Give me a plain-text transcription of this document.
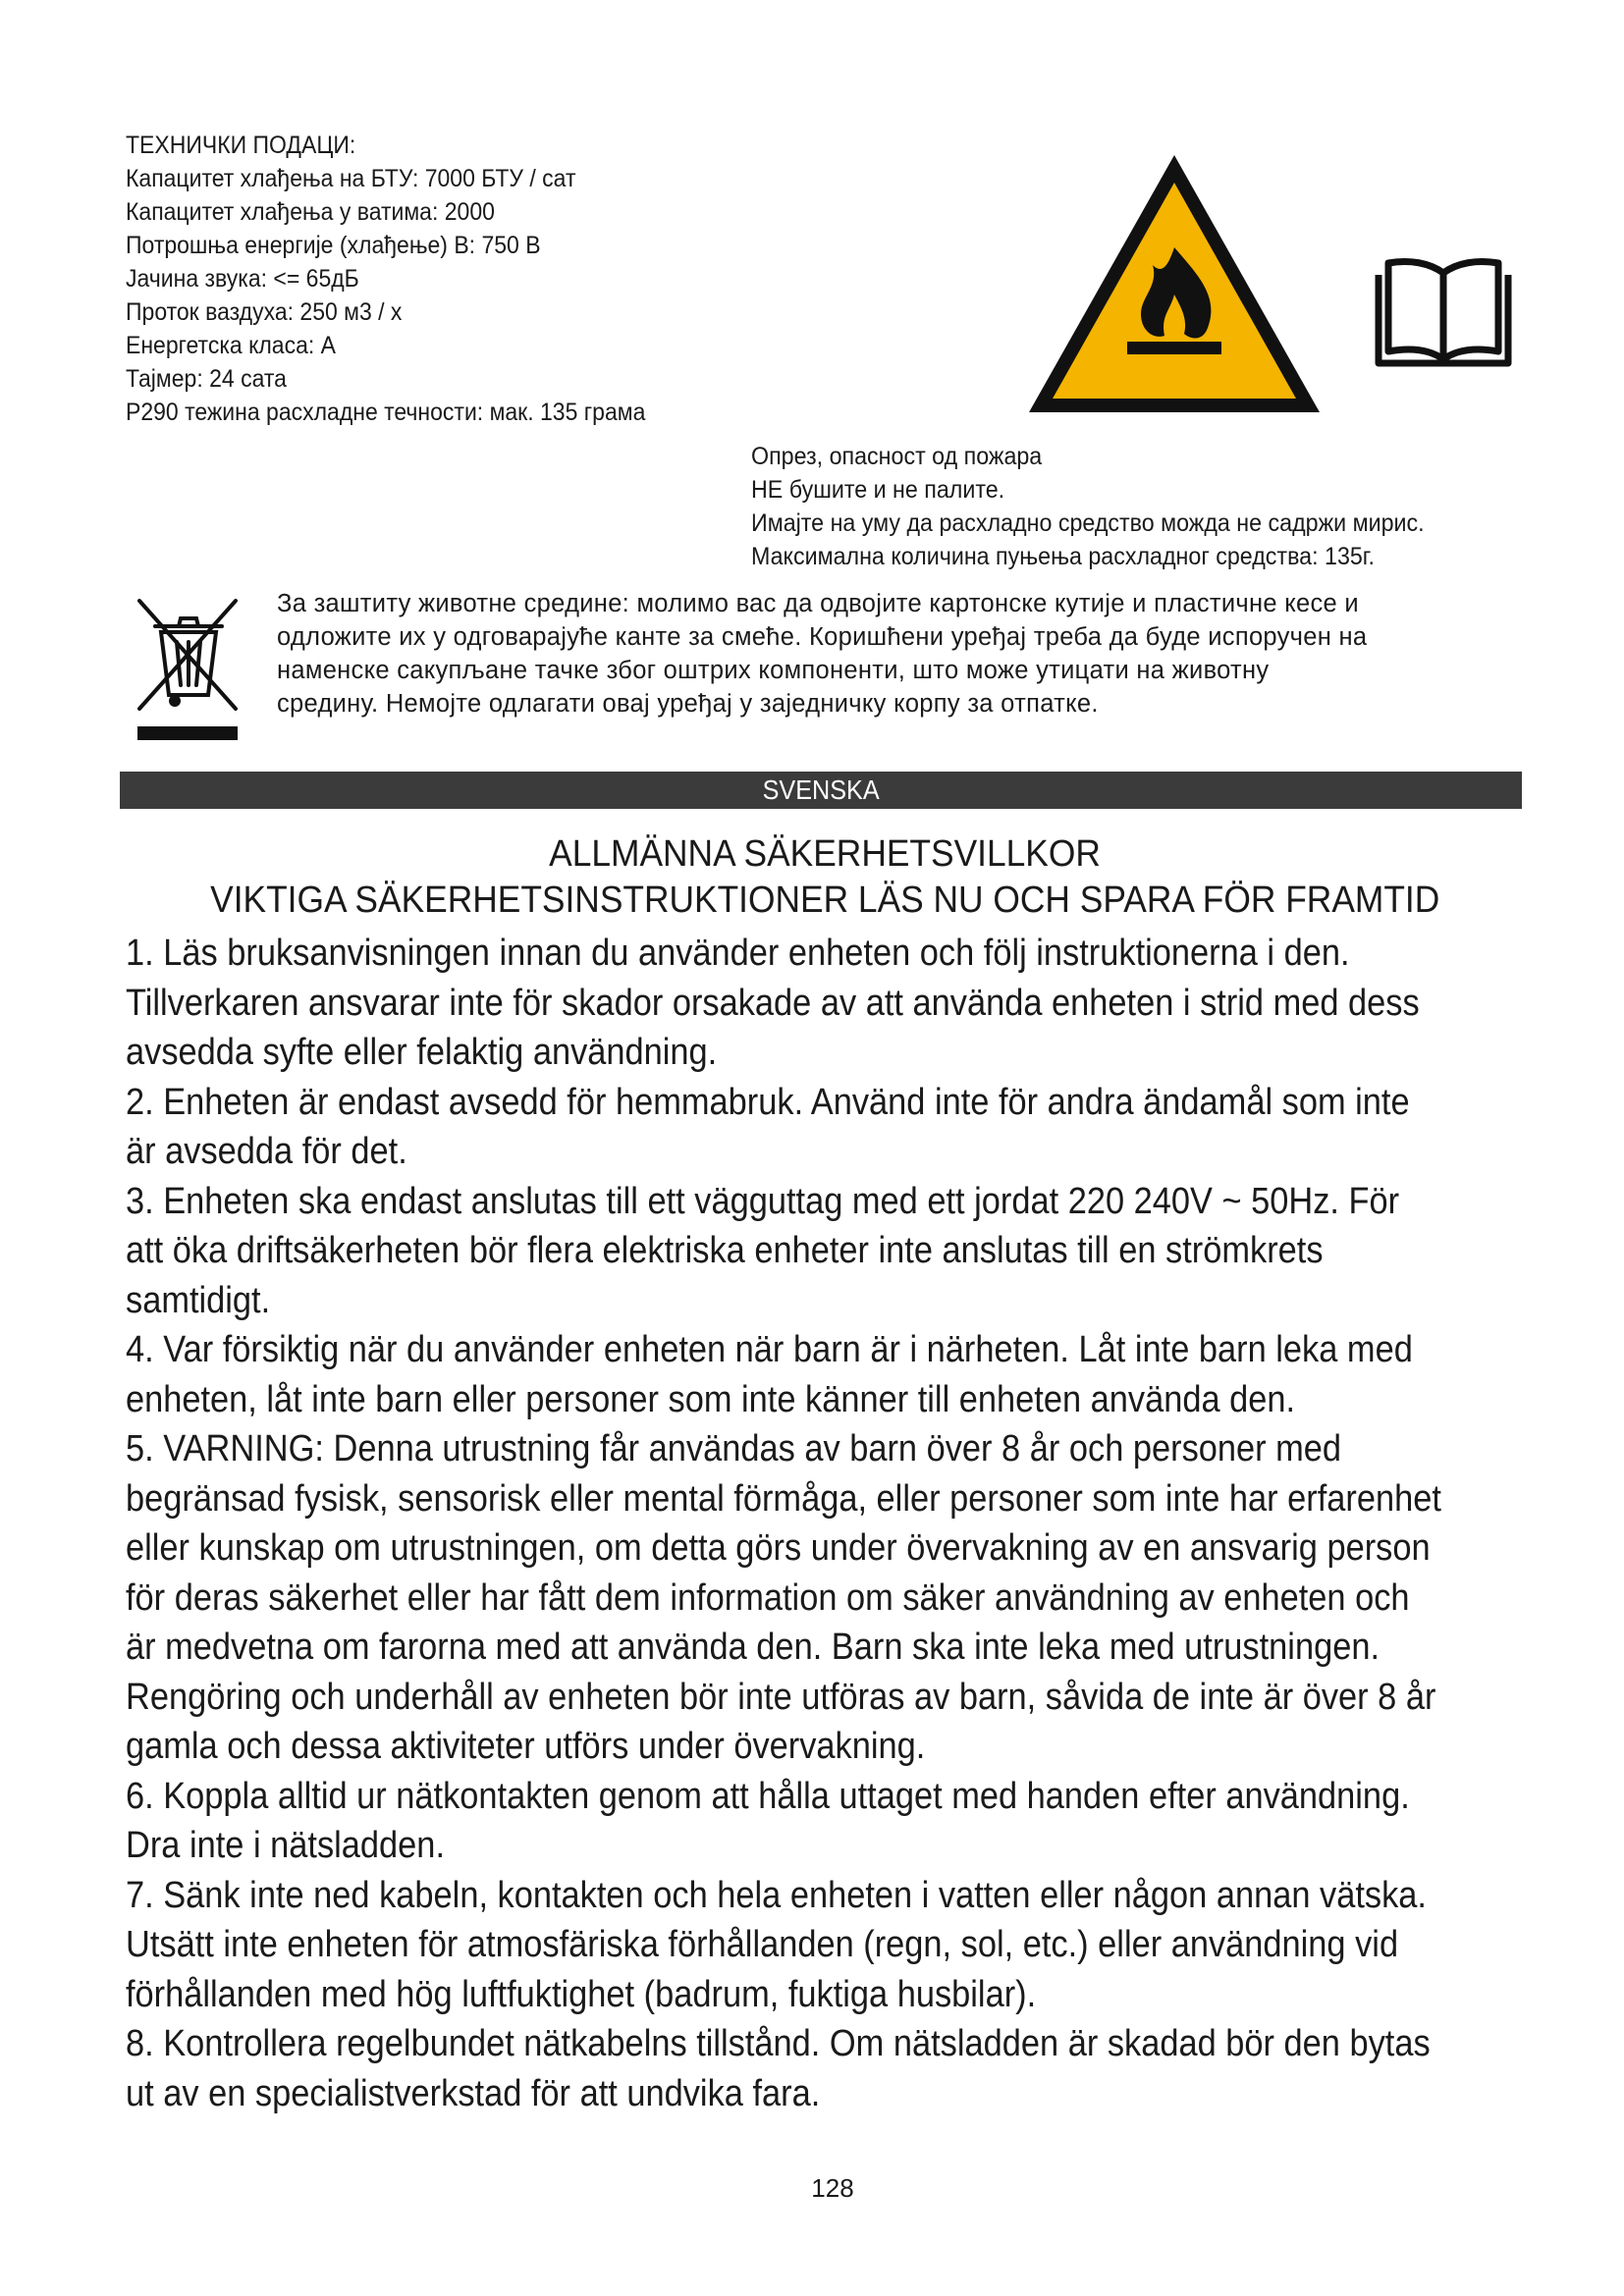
ТЕХНИЧКИ ПОДАЦИ:
Капацитет хлађења на БТУ: 7000 БТУ / сат
Капацитет хлађења у ватима: 2000
Потрошња енергије (хлађење) В: 750 В
Јачина звука: <= 65дБ
Проток ваздуха: 250 м3 / х
Енергетска класа: А
Тајмер: 24 сата
Р290 тежина расхладне течности: мак. 135 грама
Опрез, опасност од пожара
НЕ бушите и не палите.
Имајте на уму да расхладно средство можда не садржи мирис.
Максимална количина пуњења расхладног средства: 135г.
За заштиту животне средине: молимо вас да одвојите картонске кутије и пластичне кесе и
одложите их у одговарајуће канте за смеће. Коришћени уређај треба да буде испоручен на
наменске сакупљане тачке због оштрих компоненти, што може утицати на животну
средину. Немојте одлагати овај уређај у заједничку корпу за отпатке.
SVENSKA
ALLMÄNNA SÄKERHETSVILLKOR
VIKTIGA SÄKERHETSINSTRUKTIONER LÄS NU OCH SPARA FÖR FRAMTID
1. Läs bruksanvisningen innan du använder enheten och följ instruktionerna i den.
Tillverkaren ansvarar inte för skador orsakade av att använda enheten i strid med dess
avsedda syfte eller felaktig användning.
2. Enheten är endast avsedd för hemmabruk. Använd inte för andra ändamål som inte
är avsedda för det.
3. Enheten ska endast anslutas till ett vägguttag med ett jordat 220 240V ~ 50Hz. För
att öka driftsäkerheten bör flera elektriska enheter inte anslutas till en strömkrets
samtidigt.
4. Var försiktig när du använder enheten när barn är i närheten. Låt inte barn leka med
enheten, låt inte barn eller personer som inte känner till enheten använda den.
5. VARNING: Denna utrustning får användas av barn över 8 år och personer med
begränsad fysisk, sensorisk eller mental förmåga, eller personer som inte har erfarenhet
eller kunskap om utrustningen, om detta görs under övervakning av en ansvarig person
för deras säkerhet eller har fått dem information om säker användning av enheten och
är medvetna om farorna med att använda den. Barn ska inte leka med utrustningen.
Rengöring och underhåll av enheten bör inte utföras av barn, såvida de inte är över 8 år
gamla och dessa aktiviteter utförs under övervakning.
6. Koppla alltid ur nätkontakten genom att hålla uttaget med handen efter användning.
Dra inte i nätsladden.
7. Sänk inte ned kabeln, kontakten och hela enheten i vatten eller någon annan vätska.
Utsätt inte enheten för atmosfäriska förhållanden (regn, sol, etc.) eller användning vid
förhållanden med hög luftfuktighet (badrum, fuktiga husbilar).
8. Kontrollera regelbundet nätkabelns tillstånd. Om nätsladden är skadad bör den bytas
ut av en specialistverkstad för att undvika fara.
128
